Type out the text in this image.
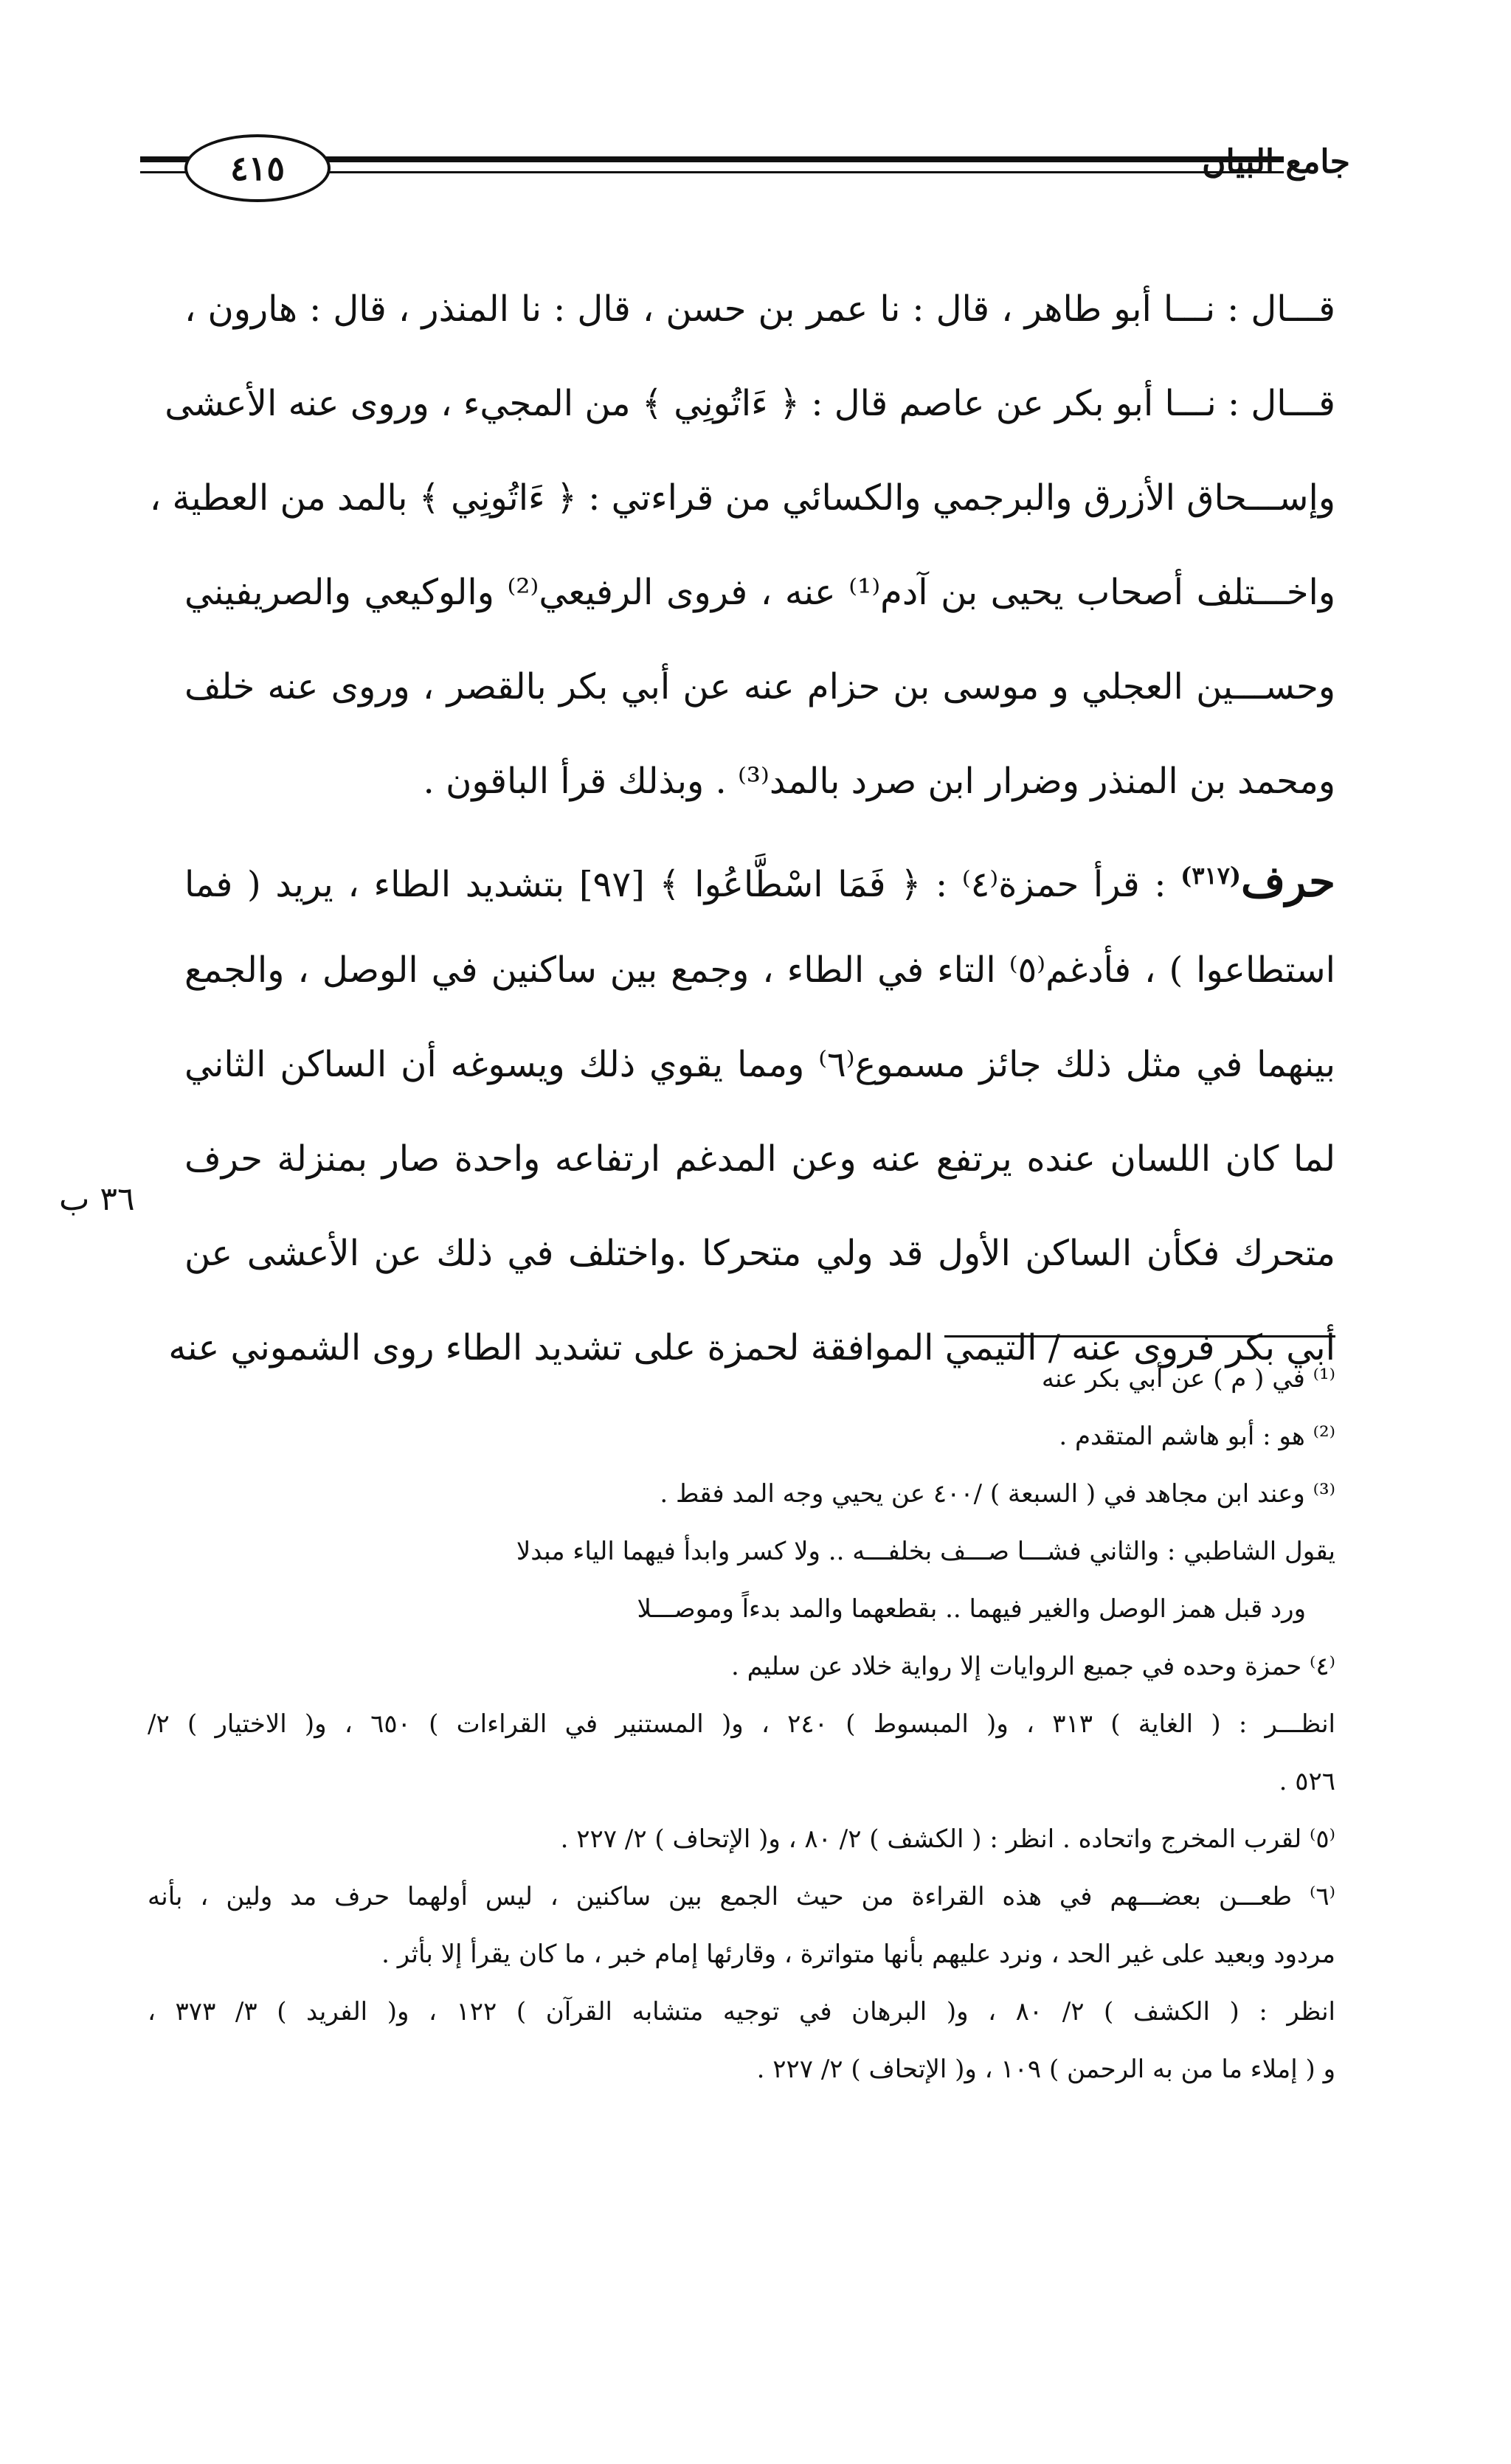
٤١٥	جامع البيان
قـــال : نـــا أبو طاهر ، قال : نا عمر بن حسن ، قال : نا المنذر ، قال : هارون ،
قـــال : نـــا أبو بكر عن عاصم قال : ﴿ ءَاتُونِي ﴾ من المجيء ، وروى عنه الأعشى
وإســـحاق الأزرق والبرجمي والكسائي من قراءتي : ﴿ ءَاتُونِي ﴾ بالمد من العطية ،
واخـــتلف أصحاب يحيى بن آدم⁽¹⁾ عنه ، فروى الرفيعي⁽²⁾ والوكيعي والصريفيني
وحســـين العجلي و موسى بن حزام عنه عن أبي بكر بالقصر ، وروى عنه خلف
ومحمد بن المنذر وضرار ابن صرد بالمد⁽³⁾ . وبذلك قرأ الباقون .
حرف$^{(٣١٧)}$ : قرأ حمزة⁽٤⁾ : ﴿ فَمَا اسْطَّاعُوا ﴾ [٩٧] بتشديد الطاء ، يريد ( فما
استطاعوا ) ، فأدغم⁽٥⁾ التاء في الطاء ، وجمع بين ساكنين في الوصل ، والجمع
بينهما في مثل ذلك جائز مسموع⁽٦⁾ ومما يقوي ذلك ويسوغه أن الساكن الثاني
لما كان اللسان عنده يرتفع عنه وعن المدغم ارتفاعه واحدة صار بمنزلة حرف
متحرك فكأن الساكن الأول قد ولي متحركا .واختلف في ذلك عن الأعشى عن
أبي بكر فروى عنه / التيمي الموافقة لحمزة على تشديد الطاء روى الشموني عنه
٣٦ ب
⁽¹⁾ في ( م ) عن أبي بكر عنه
⁽²⁾ هو : أبو هاشم المتقدم .
⁽³⁾ وعند ابن مجاهد في ( السبعة ) /٤٠٠ عن يحيي وجه المد فقط .
يقول الشاطبي : والثاني فشـــا صـــف بخلفـــه .. ولا كسر وابدأ فيهما الياء مبدلا
ورد قبل همز الوصل والغير فيهما .. بقطعهما والمد بدءاً وموصـــلا
⁽٤⁾ حمزة وحده في جميع الروايات إلا رواية خلاد عن سليم .
انظـــر : ( الغاية ) ٣١٣ ، و( المبسوط ) ٢٤٠ ، و( المستنير في القراءات ) ٦٥٠ ، و( الاختيار ) ٢/
٥٢٦ .
⁽٥⁾ لقرب المخرج واتحاده . انظر : ( الكشف ) ٢/ ٨٠ ، و( الإتحاف ) ٢/ ٢٢٧ .
⁽٦⁾ طعـــن بعضـــهم في هذه القراءة من حيث الجمع بين ساكنين ، ليس أولهما حرف مد ولين ، بأنه
مردود وبعيد على غير الحد ، ونرد عليهم بأنها متواترة ، وقارئها إمام خبر ، ما كان يقرأ إلا بأثر .
انظر : ( الكشف ) ٢/ ٨٠ ، و( البرهان في توجيه متشابه القرآن ) ١٢٢ ، و( الفريد ) ٣/ ٣٧٣ ،
و ( إملاء ما من به الرحمن ) ١٠٩ ، و( الإتحاف ) ٢/ ٢٢٧ .
